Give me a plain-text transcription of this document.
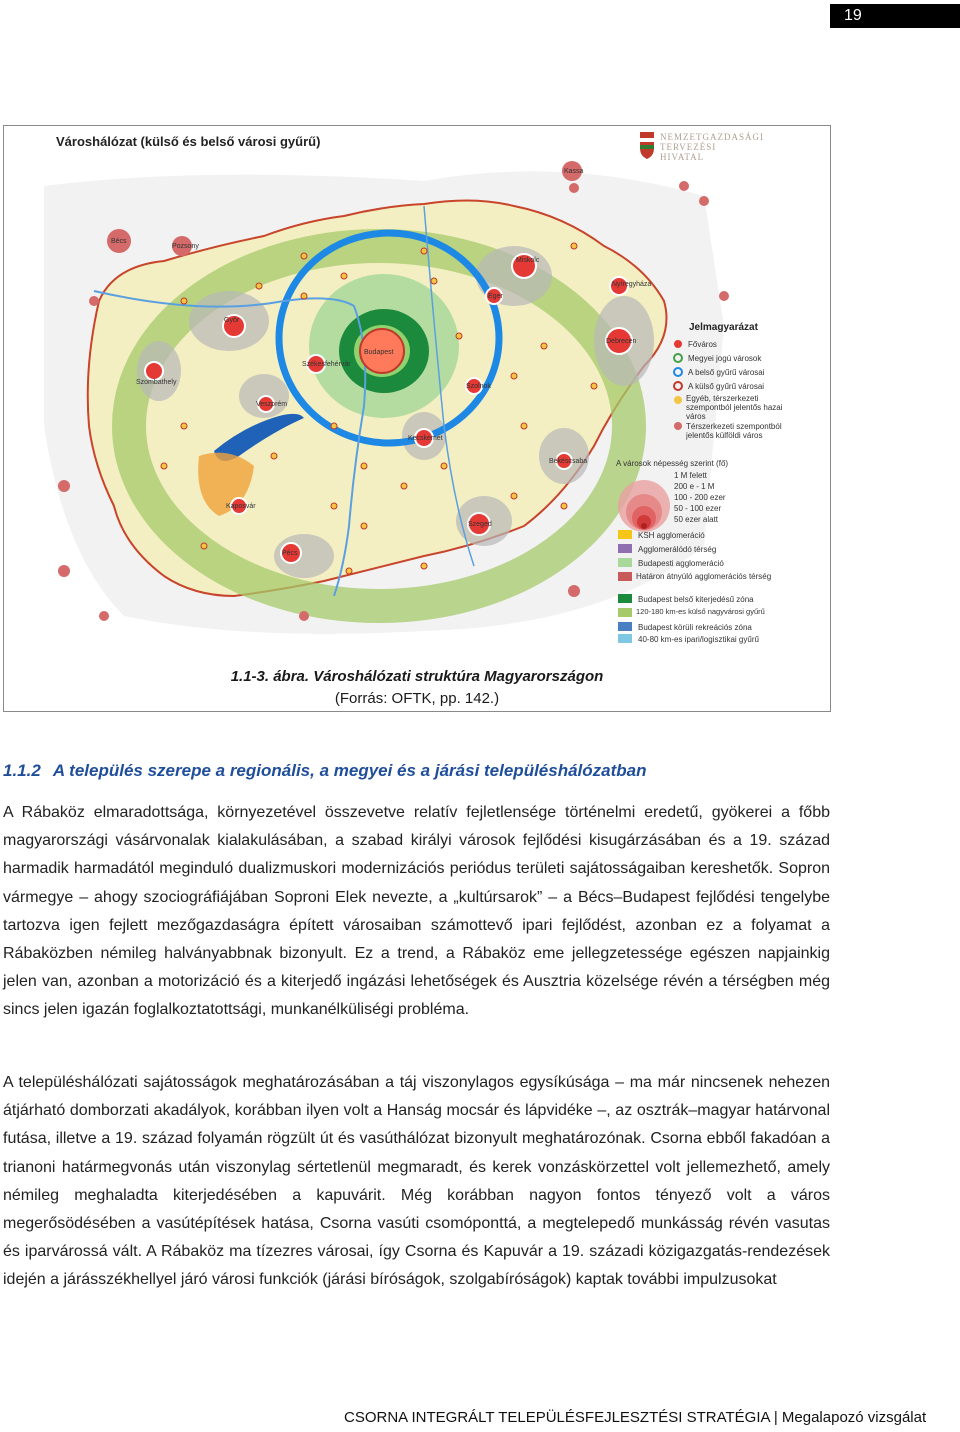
19
Városhálózat (külső és belső városi gyűrű)	NEMZETGAZDASÁGI
TERVEZÉSI
HIVATAL
Budapest
Győr
Miskolc
Debrecen
Szeged
Pécs
Kecskemét
Székesfehérvár
Nyíregyháza
Szombathely
Veszprém
Eger
Kaposvár
Szolnok
Békéscsaba
Bécs
Pozsony
Kassa
Jelmagyarázat
Főváros
Megyei jogú városok
A belső gyűrű városai
A külső gyűrű városai
Egyéb, térszerkezeti szempontból jelentős hazai város
Térszerkezeti szempontból jelentős külföldi város
A városok népesség szerint (fő)
1 M felett
200 e - 1 M
100 - 200 ezer
50 - 100 ezer
50 ezer alatt
KSH agglomeráció
Agglomerálódó térség
Budapesti agglomeráció
Határon átnyúló agglomerációs térség
Budapest belső kiterjedésű zóna
120-180 km-es külső nagyvárosi gyűrű
Budapest körüli rekreációs zóna
40-80 km-es ipari/logisztikai gyűrű
1.1-3. ábra. Városhálózati struktúra Magyarországon
(Forrás: OFTK, pp. 142.)
1.1.2 A település szerepe a regionális, a megyei és a járási településhálózatban

A Rábaköz elmaradottsága, környezetével összevetve relatív fejletlensége történelmi eredetű, gyökerei a főbb magyarországi vásárvonalak kialakulásában, a szabad királyi városok fejlődési kisugárzásában és a 19. század harmadik harmadától meginduló dualizmuskori modernizációs periódus területi sajátosságaiban kereshetők. Sopron vármegye – ahogy szociográfiájában Soproni Elek nevezte, a „kultúrsarok” – a Bécs–Budapest fejlődési tengelybe tartozva igen fejlett mezőgazdaságra épített városaiban számottevő ipari fejlődést, azonban ez a folyamat a Rábaközben némileg halványabbnak bizonyult. Ez a trend, a Rábaköz eme jellegzetessége egészen napjainkig jelen van, azonban a motorizáció és a kiterjedő ingázási lehetőségek és Ausztria közelsége révén a térségben még sincs jelen igazán foglalkoztatottsági, munkanélküliségi probléma.

A településhálózati sajátosságok meghatározásában a táj viszonylagos egysíkúsága – ma már nincsenek nehezen átjárható domborzati akadályok, korábban ilyen volt a Hanság mocsár és lápvidéke –, az osztrák–magyar határvonal futása, illetve a 19. század folyamán rögzült út és vasúthálózat bizonyult meghatározónak. Csorna ebből fakadóan a trianoni határmegvonás után viszonylag sértetlenül megmaradt, és kerek vonzáskörzettel volt jellemezhető, amely némileg meghaladta kiterjedésében a kapuvárit. Még korábban nagyon fontos tényező volt a város megerősödésében a vasútépítések hatása, Csorna vasúti csomóponttá, a megtelepedő munkásság révén vasutas és iparvárossá vált. A Rábaköz ma tízezres városai, így Csorna és Kapuvár a 19. századi közigazgatás-rendezések idején a járásszékhellyel járó városi funkciók (járási bíróságok, szolgabíróságok) kaptak további impulzusokat

CSORNA INTEGRÁLT TELEPÜLÉSFEJLESZTÉSI STRATÉGIA | Megalapozó vizsgálat
